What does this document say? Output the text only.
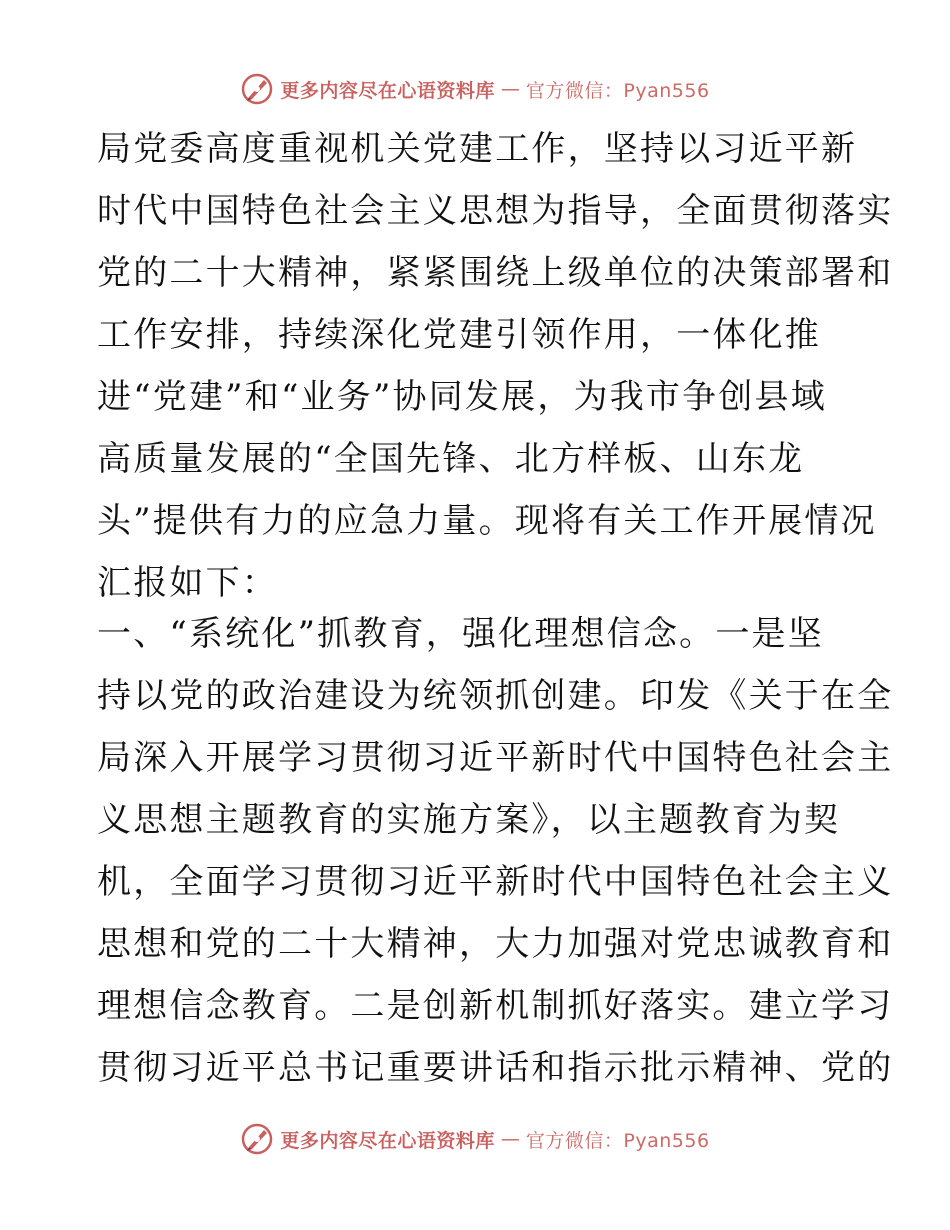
更多内容尽在心语资料库 — 官方微信：Pyan556
局党委高度重视机关党建工作，坚持以习近平新
时代中国特色社会主义思想为指导，全面贯彻落实
党的二十大精神，紧紧围绕上级单位的决策部署和
工作安排，持续深化党建引领作用，一体化推
进“党建”和“业务”协同发展，为我市争创县域
高质量发展的“全国先锋、北方样板、山东龙
头”提供有力的应急力量。现将有关工作开展情况
汇报如下：
一、“系统化”抓教育，强化理想信念。一是坚
持以党的政治建设为统领抓创建。印发《关于在全
局深入开展学习贯彻习近平新时代中国特色社会主
义思想主题教育的实施方案》，以主题教育为契
机，全面学习贯彻习近平新时代中国特色社会主义
思想和党的二十大精神，大力加强对党忠诚教育和
理想信念教育。二是创新机制抓好落实。建立学习
贯彻习近平总书记重要讲话和指示批示精神、党的
更多内容尽在心语资料库 — 官方微信：Pyan556
